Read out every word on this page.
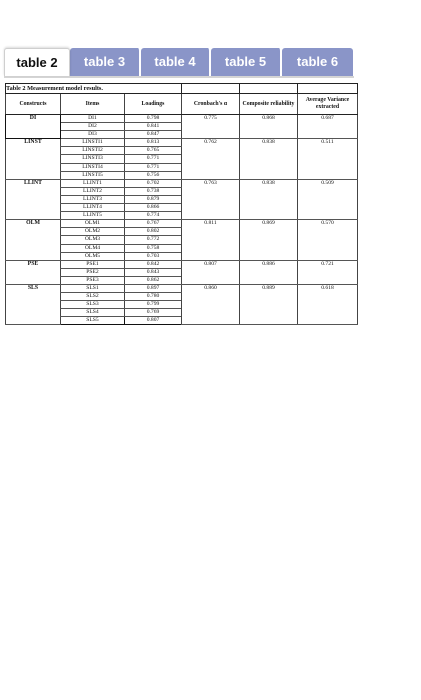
table 2	table 3	table 4	table 5	table 6
Table 2 Measurement model results.					
Constructs	Items	Loadings	Cronbach's α	Composite reliability	Average Variance extracted
DI	DI1	0.798	0.775	0.868	0.687
	DI2	0.841			
	DI3	0.847			
LINST	LINSTI1	0.813	0.762	0.838	0.511
	LINSTI2	0.765			
	LINSTI3	0.771			
	LINSTI4	0.771			
	LINSTI5	0.756			
LLINT	LLINT1	0.702	0.763	0.838	0.509
	LLINT2	0.738			
	LLINT3	0.879			
	LLINT4	0.866			
	LLINT5	0.774			
OLM	OLM1	0.767	0.811	0.869	0.570
	OLM2	0.802			
	OLM3	0.772			
	OLM4	0.758			
	OLM5	0.703			
PSE	PSE1	0.842	0.807	0.886	0.721
	PSE2	0.843			
	PSE3	0.862			
SLS	SLS1	0.897	0.860	0.889	0.618
	SLS2	0.780			
	SLS3	0.799			
	SLS4	0.769			
	SLS5	0.807			
